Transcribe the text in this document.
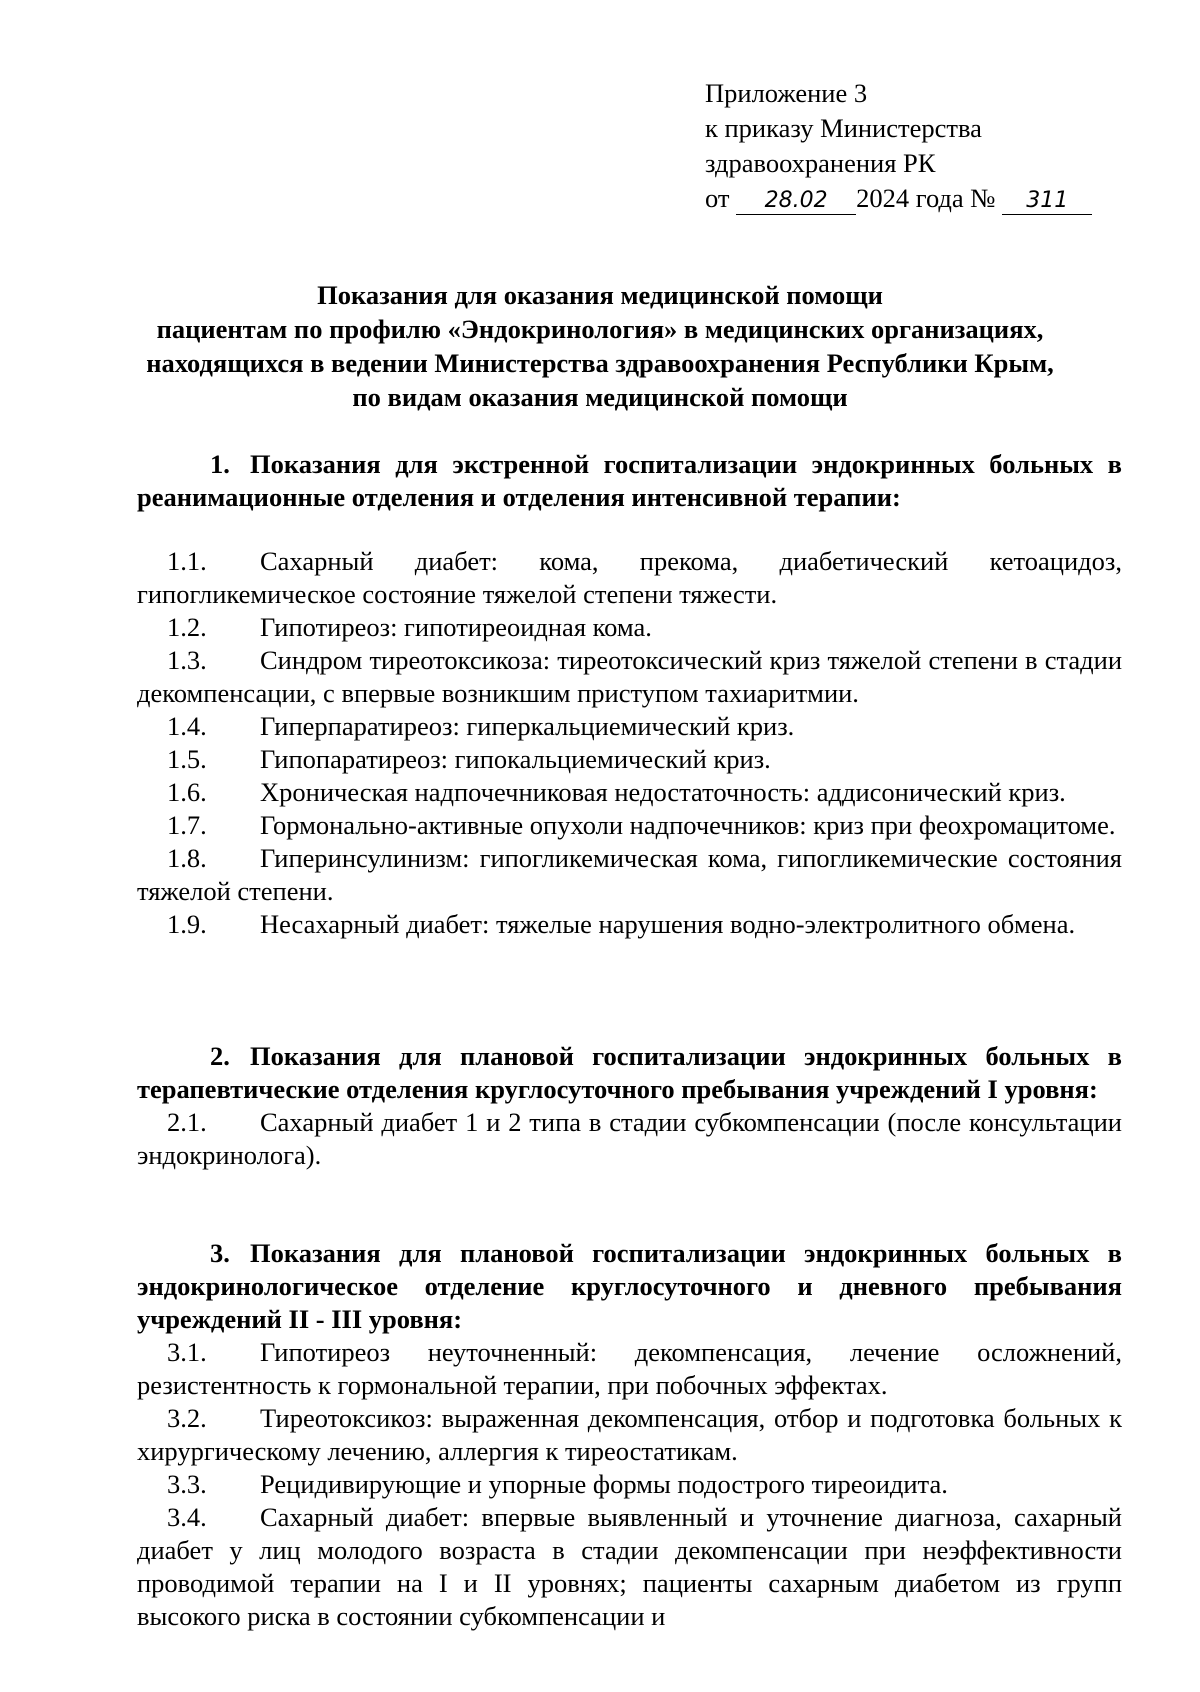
Приложение 3
к приказу Министерства
здравоохранения РК
от 28.02 2024 года № 311
Показания для оказания медицинской помощи
пациентам по профилю «Эндокринология» в медицинских организациях,
находящихся в ведении Министерства здравоохранения Республики Крым,
по видам оказания медицинской помощи

1. Показания для экстренной госпитализации эндокринных больных в реанимационные отделения и отделения интенсивной терапии:

1.1. Сахарный диабет: кома, прекома, диабетический кетоацидоз, гипогликемическое состояние тяжелой степени тяжести.

1.2. Гипотиреоз: гипотиреоидная кома.

1.3. Синдром тиреотоксикоза: тиреотоксический криз тяжелой степени в стадии декомпенсации, с впервые возникшим приступом тахиаритмии.

1.4. Гиперпаратиреоз: гиперкальциемический криз.

1.5. Гипопаратиреоз: гипокальциемический криз.

1.6. Хроническая надпочечниковая недостаточность: аддисонический криз.

1.7. Гормонально-активные опухоли надпочечников: криз при феохромацитоме.

1.8. Гиперинсулинизм: гипогликемическая кома, гипогликемические состояния тяжелой степени.

1.9. Несахарный диабет: тяжелые нарушения водно-электролитного обмена.

2. Показания для плановой госпитализации эндокринных больных в терапевтические отделения круглосуточного пребывания учреждений I уровня:

2.1. Сахарный диабет 1 и 2 типа в стадии субкомпенсации (после консультации эндокринолога).

3. Показания для плановой госпитализации эндокринных больных в эндокринологическое отделение круглосуточного и дневного пребывания учреждений II - III уровня:

3.1. Гипотиреоз неуточненный: декомпенсация, лечение осложнений, резистентность к гормональной терапии, при побочных эффектах.

3.2. Тиреотоксикоз: выраженная декомпенсация, отбор и подготовка больных к хирургическому лечению, аллергия к тиреостатикам.

3.3. Рецидивирующие и упорные формы подострого тиреоидита.

3.4. Сахарный диабет: впервые выявленный и уточнение диагноза, сахарный диабет у лиц молодого возраста в стадии декомпенсации при неэффективности проводимой терапии на I и II уровнях; пациенты сахарным диабетом из групп высокого риска в состоянии субкомпенсации и
